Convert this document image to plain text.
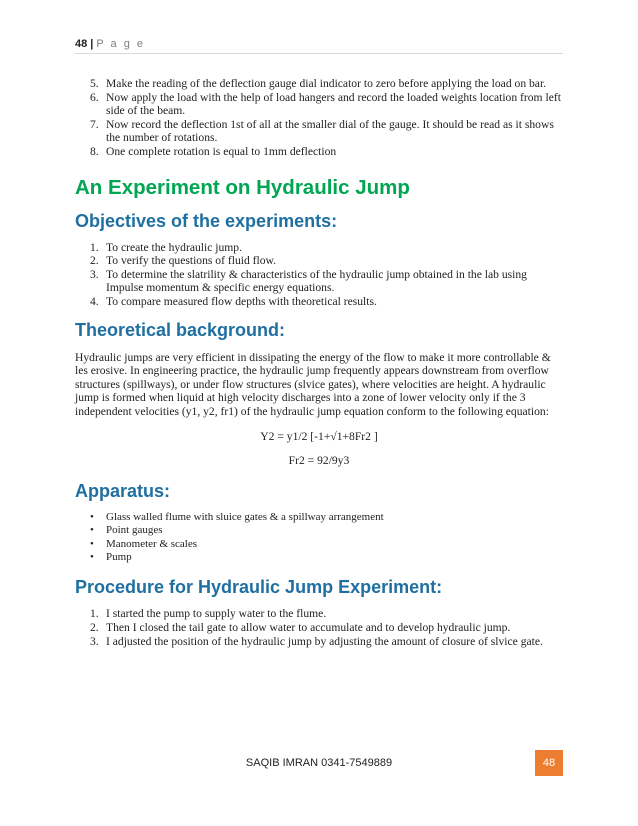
48 | P a g e
5. Make the reading of the deflection gauge dial indicator to zero before applying the load on bar.
6. Now apply the load with the help of load hangers and record the loaded weights location from left side of the beam.
7. Now record the deflection 1st of all at the smaller dial of the gauge. It should be read as it shows the number of rotations.
8. One complete rotation is equal to 1mm deflection
An Experiment on Hydraulic Jump
Objectives of the experiments:
1. To create the hydraulic jump.
2. To verify the questions of fluid flow.
3. To determine the slatrility & characteristics of the hydraulic jump obtained in the lab using Impulse momentum & specific energy equations.
4. To compare measured flow depths with theoretical results.
Theoretical background:

Hydraulic jumps are very efficient in dissipating the energy of the flow to make it more controllable & les erosive. In engineering practice, the hydraulic jump frequently appears downstream from overflow structures (spillways), or under flow structures (slvice gates), where velocities are height. A hydraulic jump is formed when liquid at high velocity discharges into a zone of lower velocity only if the 3 independent velocities (y1, y2, fr1) of the hydraulic jump equation conform to the following equation:

Y2 = y1/2 [-1+√1+8Fr2 ]

Fr2 = 92/9y3

Apparatus:
• Glass walled flume with sluice gates & a spillway arrangement
• Point gauges
• Manometer & scales
• Pump
Procedure for Hydraulic Jump Experiment:
1. I started the pump to supply water to the flume.
2. Then I closed the tail gate to allow water to accumulate and to develop hydraulic jump.
3. I adjusted the position of the hydraulic jump by adjusting the amount of closure of slvice gate.
SAQIB IMRAN 0341-7549889	48
